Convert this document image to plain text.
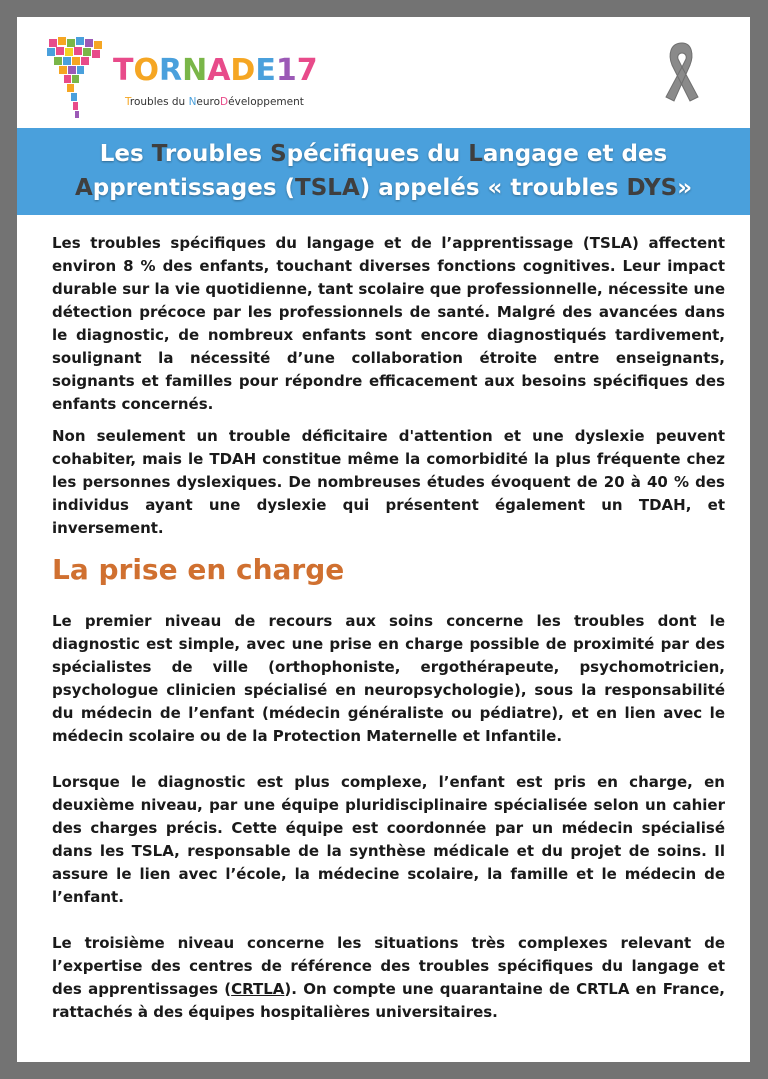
TORNADE17
Troubles du NeuroDéveloppement
Les Troubles Spécifiques du Langage et des
Apprentissages (TSLA) appelés « troubles DYS»

Les troubles spécifiques du langage et de l’apprentissage (TSLA) affectent environ 8 % des enfants, touchant diverses fonctions cognitives. Leur impact durable sur la vie quotidienne, tant scolaire que professionnelle, nécessite une détection précoce par les professionnels de santé. Malgré des avancées dans le diagnostic, de nombreux enfants sont encore diagnostiqués tardivement, soulignant la nécessité d’une collaboration étroite entre enseignants, soignants et familles pour répondre efficacement aux besoins spécifiques des enfants concernés.

Non seulement un trouble déficitaire d'attention et une dyslexie peuvent cohabiter, mais le TDAH constitue même la comorbidité la plus fréquente chez les personnes dyslexiques. De nombreuses études évoquent de 20 à 40 % des individus ayant une dyslexie qui présentent également un TDAH, et inversement.

La prise en charge

Le premier niveau de recours aux soins concerne les troubles dont le diagnostic est simple, avec une prise en charge possible de proximité par des spécialistes de ville (orthophoniste, ergothérapeute, psychomotricien, psychologue clinicien spécialisé en neuropsychologie), sous la responsabilité du médecin de l’enfant (médecin généraliste ou pédiatre), et en lien avec le médecin scolaire ou de la Protection Maternelle et Infantile.

Lorsque le diagnostic est plus complexe, l’enfant est pris en charge, en deuxième niveau, par une équipe pluridisciplinaire spécialisée selon un cahier des charges précis. Cette équipe est coordonnée par un médecin spécialisé dans les TSLA, responsable de la synthèse médicale et du projet de soins. Il assure le lien avec l’école, la médecine scolaire, la famille et le médecin de l’enfant.

Le troisième niveau concerne les situations très complexes relevant de l’expertise des centres de référence des troubles spécifiques du langage et des apprentissages (CRTLA). On compte une quarantaine de CRTLA en France, rattachés à des équipes hospitalières universitaires.
